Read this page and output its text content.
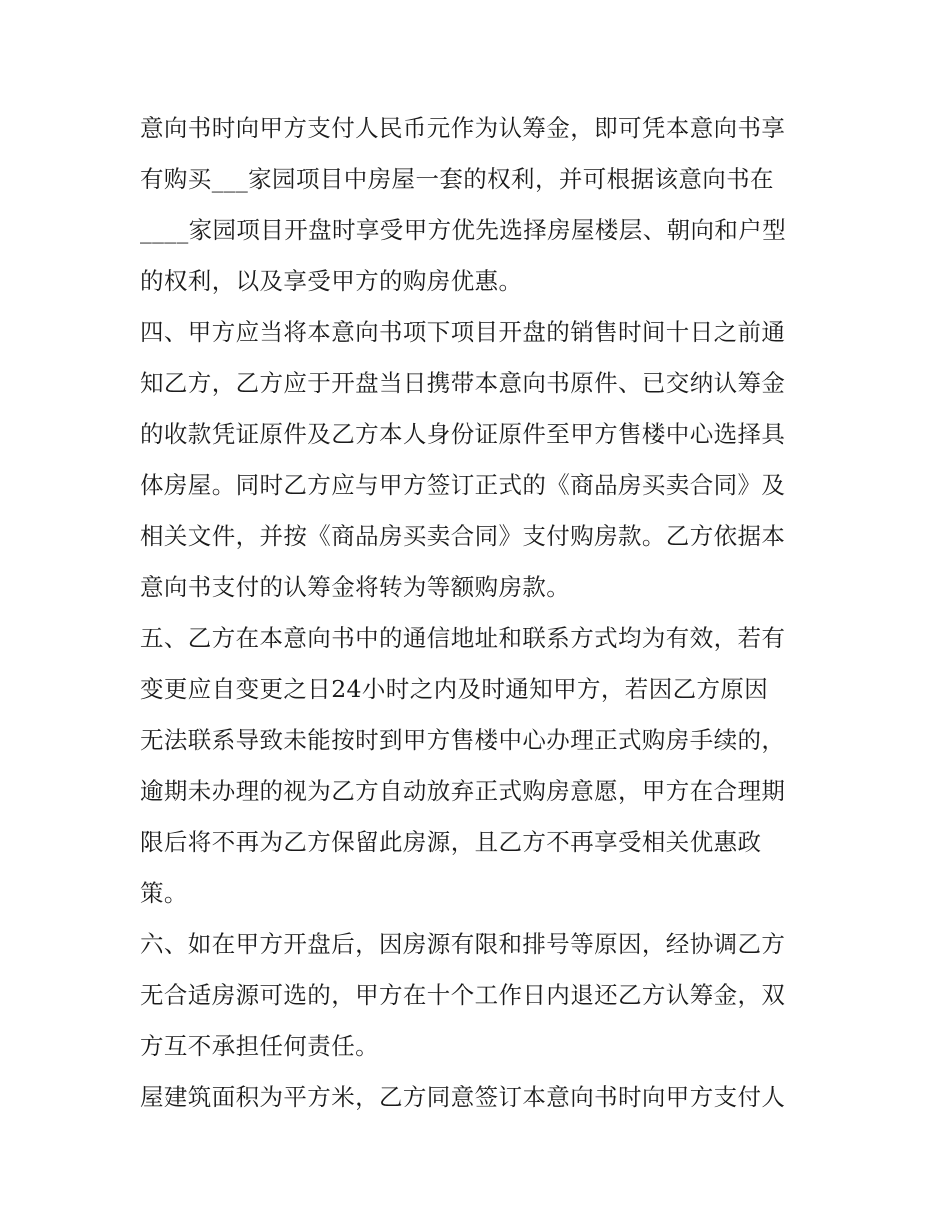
意向书时向甲方支付人民币元作为认筹金，即可凭本意向书享
有购买___家园项目中房屋一套的权利，并可根据该意向书在
____家园项目开盘时享受甲方优先选择房屋楼层、朝向和户型
的权利，以及享受甲方的购房优惠。
四、甲方应当将本意向书项下项目开盘的销售时间十日之前通
知乙方，乙方应于开盘当日携带本意向书原件、已交纳认筹金
的收款凭证原件及乙方本人身份证原件至甲方售楼中心选择具
体房屋。同时乙方应与甲方签订正式的《商品房买卖合同》及
相关文件，并按《商品房买卖合同》支付购房款。乙方依据本
意向书支付的认筹金将转为等额购房款。
五、乙方在本意向书中的通信地址和联系方式均为有效，若有
变更应自变更之日24小时之内及时通知甲方，若因乙方原因
无法联系导致未能按时到甲方售楼中心办理正式购房手续的，
逾期未办理的视为乙方自动放弃正式购房意愿，甲方在合理期
限后将不再为乙方保留此房源，且乙方不再享受相关优惠政
策。
六、如在甲方开盘后，因房源有限和排号等原因，经协调乙方
无合适房源可选的，甲方在十个工作日内退还乙方认筹金，双
方互不承担任何责任。
屋建筑面积为平方米，乙方同意签订本意向书时向甲方支付人
